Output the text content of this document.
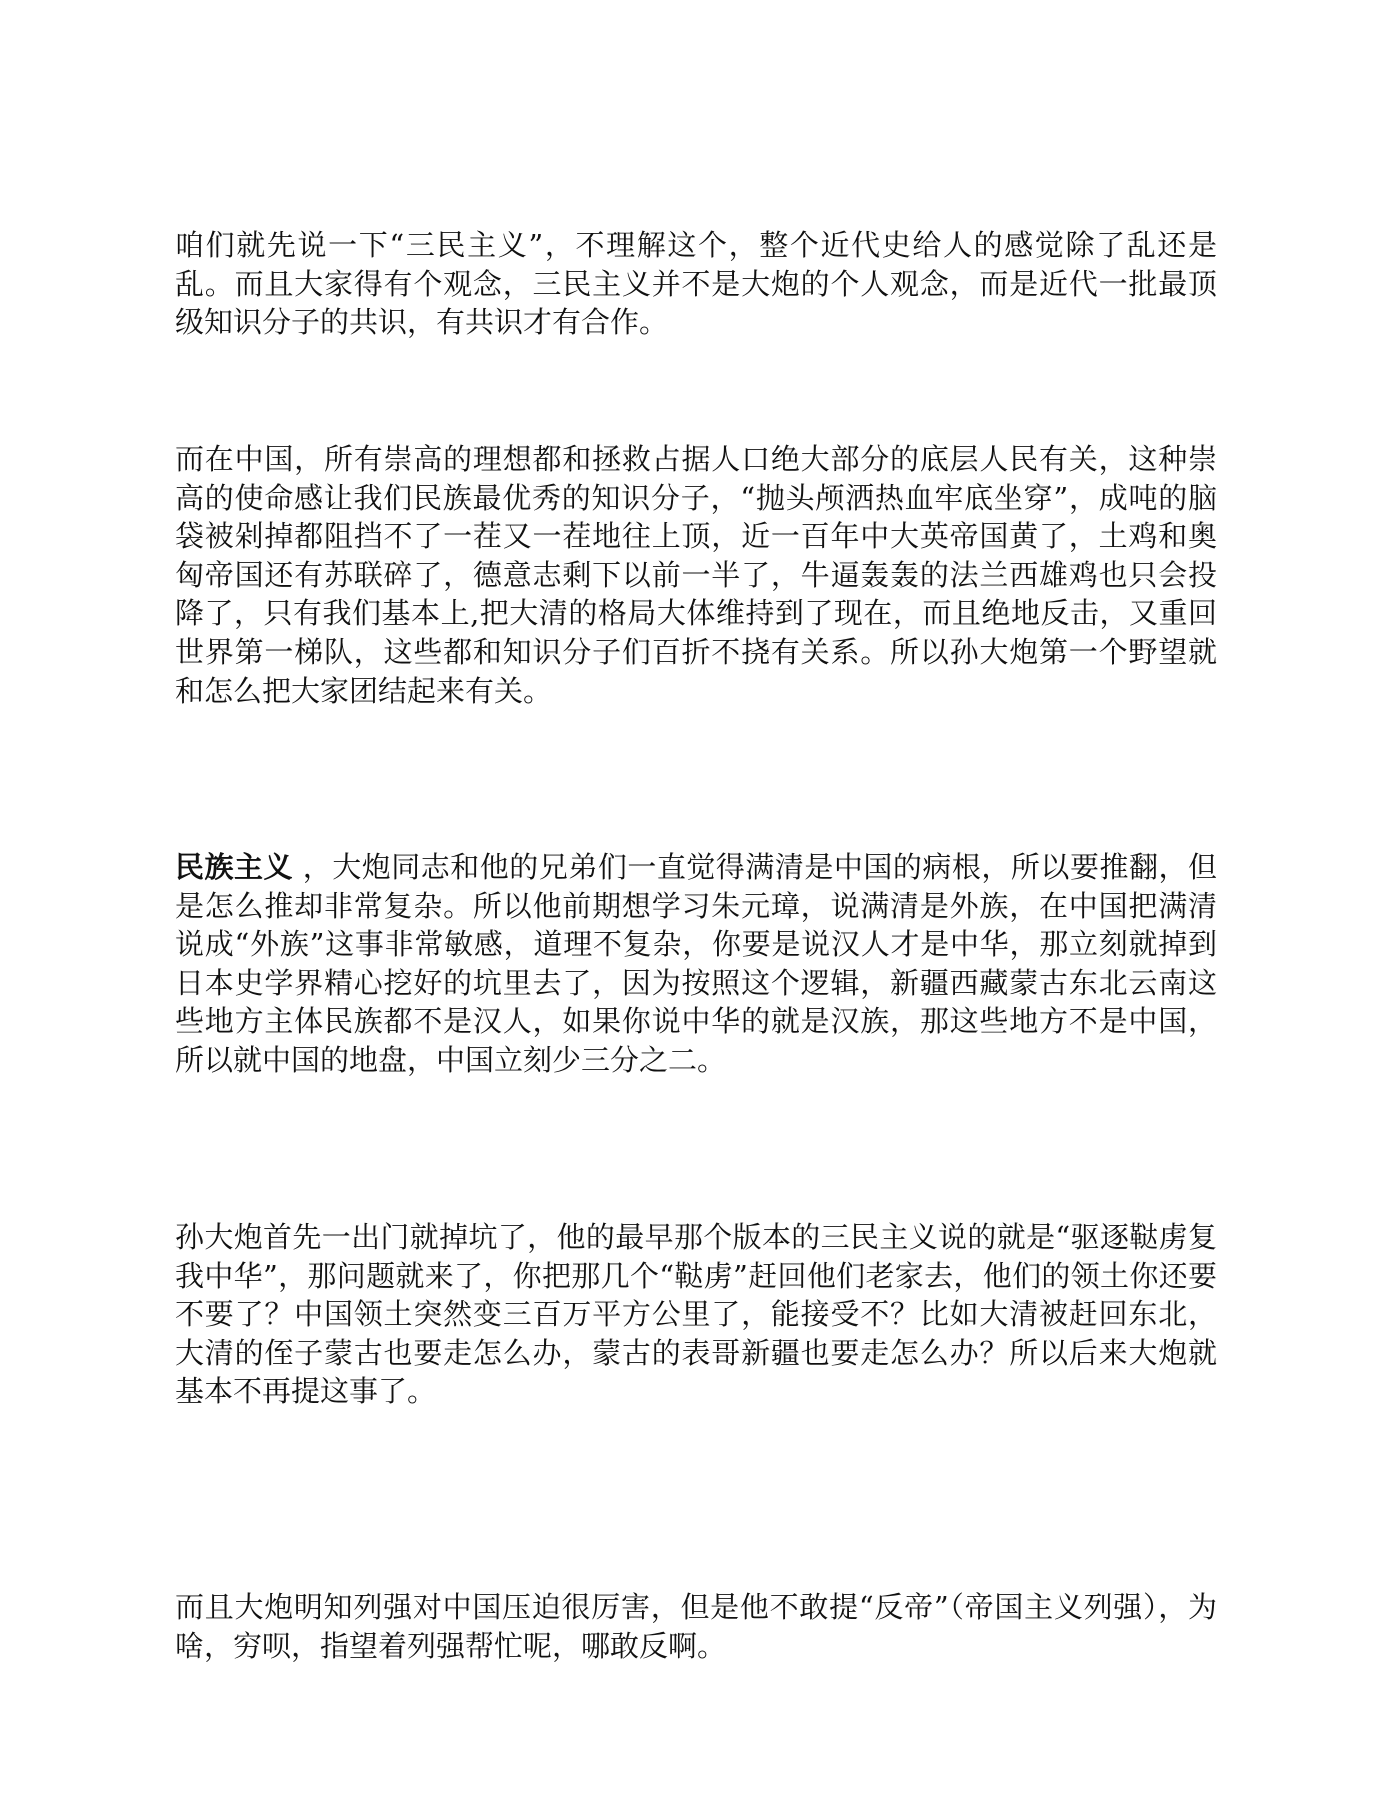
咱们就先说一下“三民主义”，不理解这个，整个近代史给人的感觉除了乱还是乱。而且大家得有个观念，三民主义并不是大炮的个人观念，而是近代一批最顶级知识分子的共识，有共识才有合作。

而在中国，所有崇高的理想都和拯救占据人口绝大部分的底层人民有关，这种崇高的使命感让我们民族最优秀的知识分子，“抛头颅洒热血牢底坐穿”，成吨的脑袋被剁掉都阻挡不了一茬又一茬地往上顶，近一百年中大英帝国黄了，土鸡和奥匈帝国还有苏联碎了，德意志剩下以前一半了，牛逼轰轰的法兰西雄鸡也只会投降了，只有我们基本上,把大清的格局大体维持到了现在，而且绝地反击，又重回世界第一梯队，这些都和知识分子们百折不挠有关系。所以孙大炮第一个野望就和怎么把大家团结起来有关。

民族主义 ，大炮同志和他的兄弟们一直觉得满清是中国的病根，所以要推翻，但是怎么推却非常复杂。所以他前期想学习朱元璋，说满清是外族，在中国把满清说成“外族”这事非常敏感，道理不复杂，你要是说汉人才是中华，那立刻就掉到日本史学界精心挖好的坑里去了，因为按照这个逻辑，新疆西藏蒙古东北云南这些地方主体民族都不是汉人，如果你说中华的就是汉族，那这些地方不是中国，所以就中国的地盘，中国立刻少三分之二。

孙大炮首先一出门就掉坑了，他的最早那个版本的三民主义说的就是“驱逐鞑虏复我中华”，那问题就来了，你把那几个“鞑虏”赶回他们老家去，他们的领土你还要不要了？中国领土突然变三百万平方公里了，能接受不？比如大清被赶回东北，大清的侄子蒙古也要走怎么办，蒙古的表哥新疆也要走怎么办？所以后来大炮就基本不再提这事了。

而且大炮明知列强对中国压迫很厉害，但是他不敢提“反帝”（帝国主义列强），为啥，穷呗，指望着列强帮忙呢，哪敢反啊。
